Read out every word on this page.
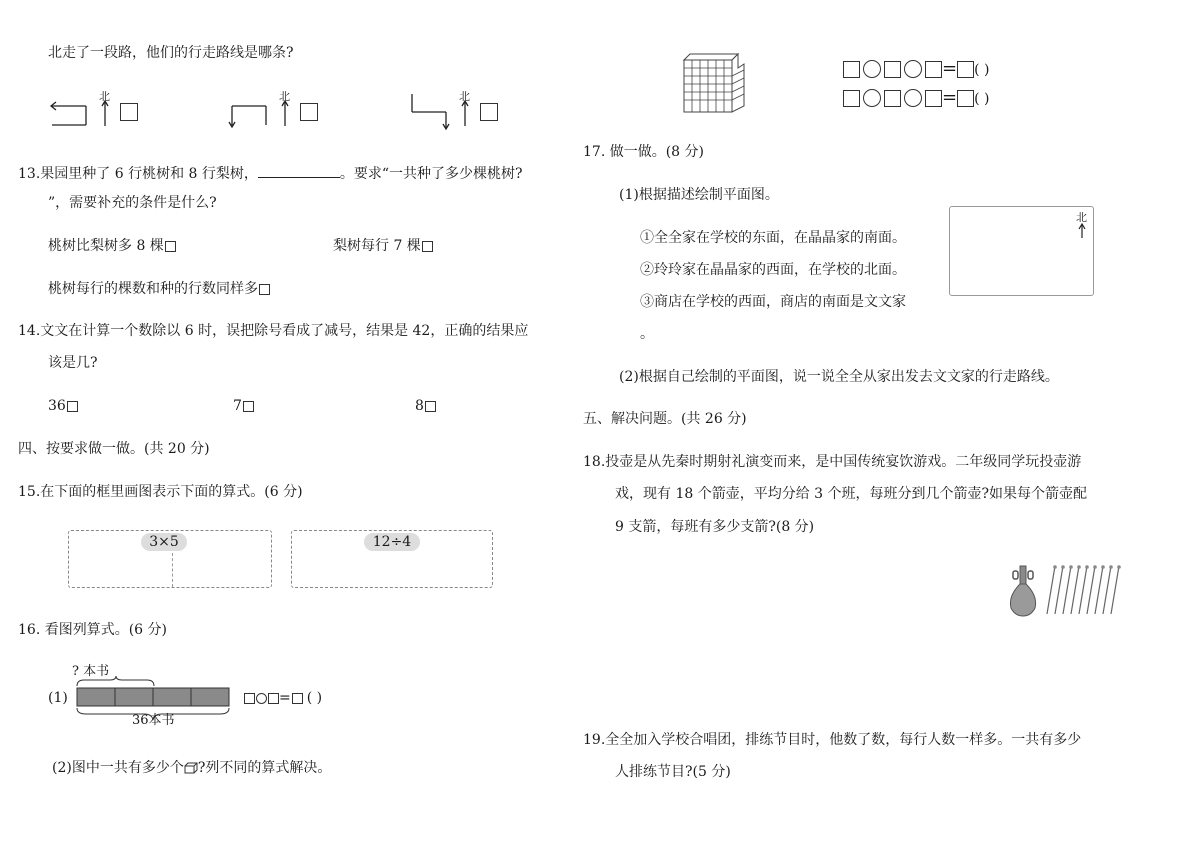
北走了一段路，他们的行走路线是哪条?
北	北	北
13.果园里种了 6 行桃树和 8 行梨树，	。要求“一共种了多少棵桃树?
”，需要补充的条件是什么?
桃树比梨树多 8 棵	梨树每行 7 棵
桃树每行的棵数和种的行数同样多
14.文文在计算一个数除以 6 时，误把除号看成了减号，结果是 42，正确的结果应
该是几?
36	7	8
四、按要求做一做。(共 20 分)
15.在下面的框里画图表示下面的算式。(6 分)
3×5	12÷4
16. 看图列算式。(6 分)
(1)
? 本书
36本书
= ( )
(2)图中一共有多少个 ?列不同的算式解决。
= ( )
= ( )
17. 做一做。(8 分)
(1)根据描述绘制平面图。
①全全家在学校的东面，在晶晶家的南面。
②玲玲家在晶晶家的西面，在学校的北面。
③商店在学校的西面，商店的南面是文文家
。
北
(2)根据自己绘制的平面图，说一说全全从家出发去文文家的行走路线。
五、解决问题。(共 26 分)
18.投壶是从先秦时期射礼演变而来，是中国传统宴饮游戏。二年级同学玩投壶游
戏，现有 18 个箭壶，平均分给 3 个班，每班分到几个箭壶?如果每个箭壶配
9 支箭，每班有多少支箭?(8 分)
19.全全加入学校合唱团，排练节目时，他数了数，每行人数一样多。一共有多少
人排练节目?(5 分)
